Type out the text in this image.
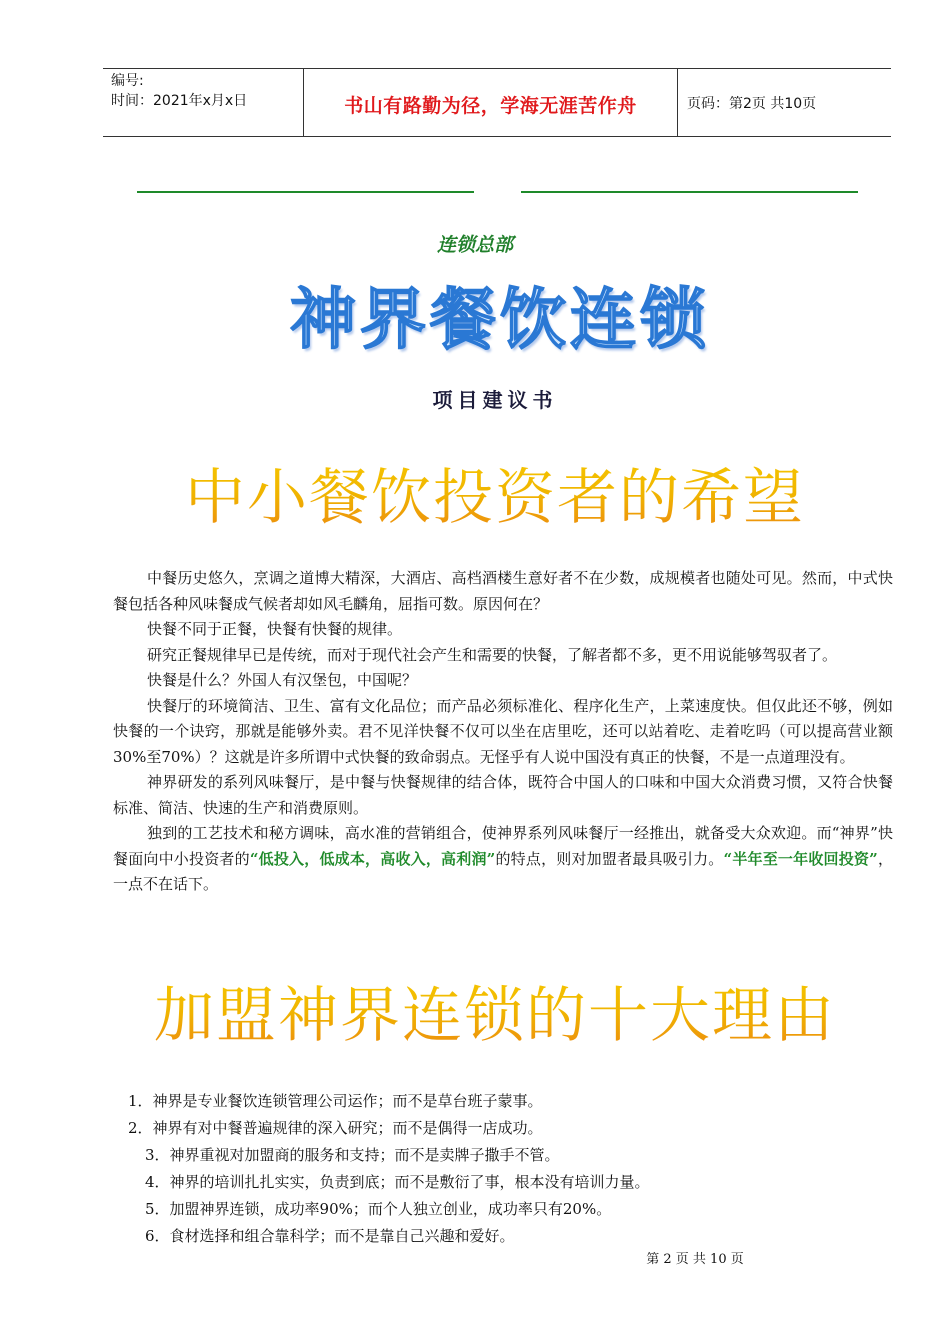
编号:
时间：2021年x月x日	书山有路勤为径，学海无涯苦作舟	页码：第2页 共10页
连锁总部
神界餐饮连锁
项目建议书
中小餐饮投资者的希望
中餐历史悠久，烹调之道博大精深，大酒店、高档酒楼生意好者不在少数，成规模者也随处可见。然而，中式快餐包括各种风味餐成气候者却如风毛麟角，屈指可数。原因何在？
快餐不同于正餐，快餐有快餐的规律。
研究正餐规律早已是传统，而对于现代社会产生和需要的快餐，了解者都不多，更不用说能够驾驭者了。
快餐是什么？外国人有汉堡包，中国呢？
快餐厅的环境简洁、卫生、富有文化品位；而产品必须标准化、程序化生产，上菜速度快。但仅此还不够，例如快餐的一个诀窍，那就是能够外卖。君不见洋快餐不仅可以坐在店里吃，还可以站着吃、走着吃吗（可以提高营业额30%至70%）？这就是许多所谓中式快餐的致命弱点。无怪乎有人说中国没有真正的快餐，不是一点道理没有。
神界研发的系列风味餐厅，是中餐与快餐规律的结合体，既符合中国人的口味和中国大众消费习惯，又符合快餐标准、简洁、快速的生产和消费原则。
独到的工艺技术和秘方调味，高水准的营销组合，使神界系列风味餐厅一经推出，就备受大众欢迎。而“神界”快餐面向中小投资者的“低投入，低成本，高收入，高利润”的特点，则对加盟者最具吸引力。“半年至一年收回投资”，一点不在话下。
加盟神界连锁的十大理由
1．神界是专业餐饮连锁管理公司运作；而不是草台班子蒙事。
2．神界有对中餐普遍规律的深入研究；而不是偶得一店成功。
3．神界重视对加盟商的服务和支持；而不是卖牌子撒手不管。
4．神界的培训扎扎实实，负责到底；而不是敷衍了事，根本没有培训力量。
5．加盟神界连锁，成功率90%；而个人独立创业，成功率只有20%。
6．食材选择和组合靠科学；而不是靠自己兴趣和爱好。
第 2 页 共 10 页
